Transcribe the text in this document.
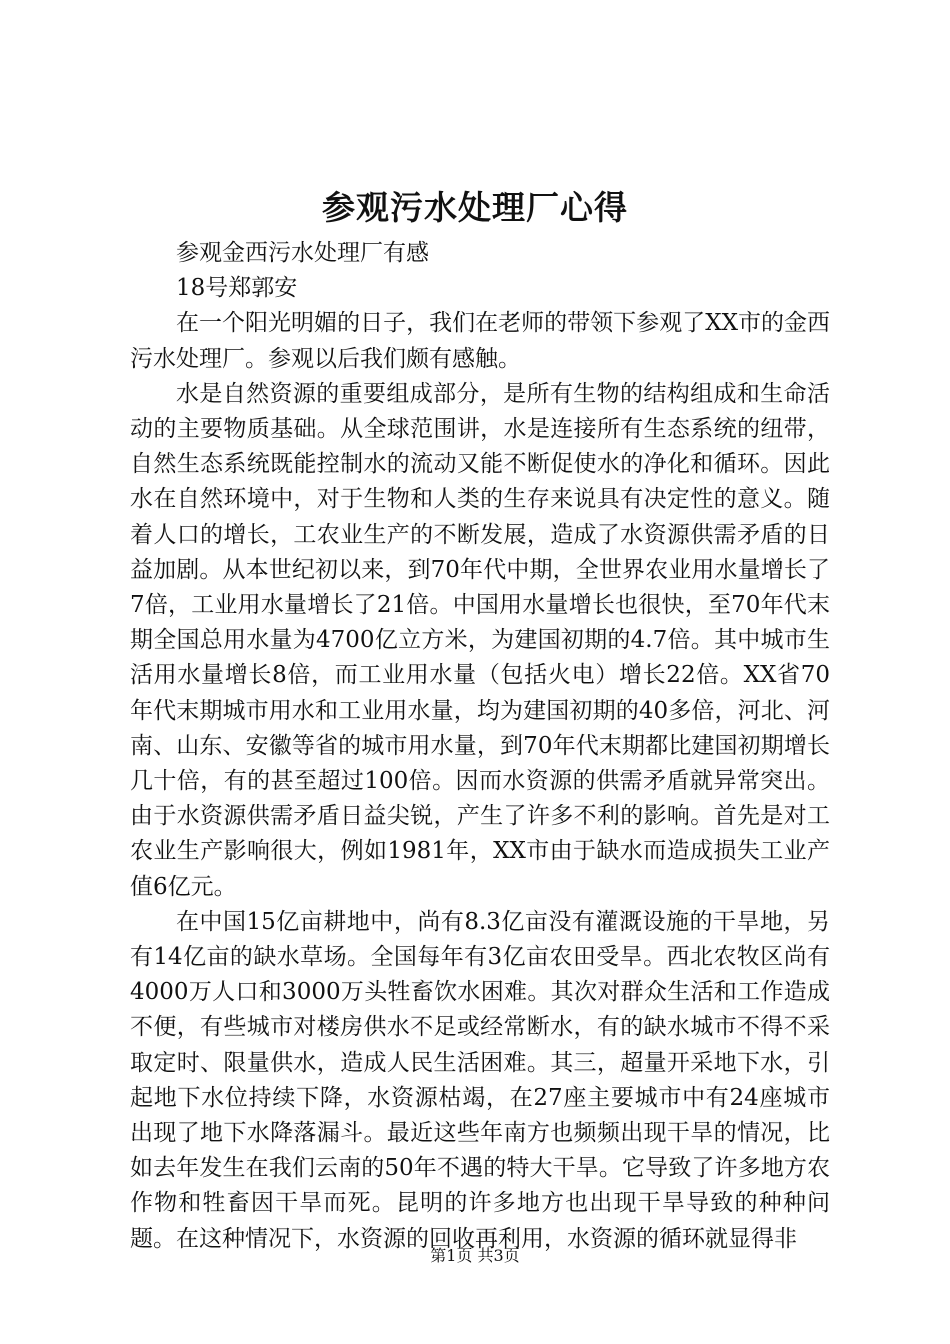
参观污水处理厂心得

参观金西污水处理厂有感

18号郑郭安

在一个阳光明媚的日子，我们在老师的带领下参观了XX市的金西污水处理厂。参观以后我们颇有感触。

水是自然资源的重要组成部分，是所有生物的结构组成和生命活动的主要物质基础。从全球范围讲，水是连接所有生态系统的纽带，自然生态系统既能控制水的流动又能不断促使水的净化和循环。因此水在自然环境中，对于生物和人类的生存来说具有决定性的意义。随着人口的增长，工农业生产的不断发展，造成了水资源供需矛盾的日益加剧。从本世纪初以来，到70年代中期，全世界农业用水量增长了7倍，工业用水量增长了21倍。中国用水量增长也很快，至70年代末期全国总用水量为4700亿立方米，为建国初期的4.7倍。其中城市生活用水量增长8倍，而工业用水量（包括火电）增长22倍。XX省70年代末期城市用水和工业用水量，均为建国初期的40多倍，河北、河南、山东、安徽等省的城市用水量，到70年代末期都比建国初期增长几十倍，有的甚至超过100倍。因而水资源的供需矛盾就异常突出。由于水资源供需矛盾日益尖锐，产生了许多不利的影响。首先是对工农业生产影响很大，例如1981年，XX市由于缺水而造成损失工业产值6亿元。

在中国15亿亩耕地中，尚有8.3亿亩没有灌溉设施的干旱地，另有14亿亩的缺水草场。全国每年有3亿亩农田受旱。西北农牧区尚有4000万人口和3000万头牲畜饮水困难。其次对群众生活和工作造成不便，有些城市对楼房供水不足或经常断水，有的缺水城市不得不采取定时、限量供水，造成人民生活困难。其三，超量开采地下水，引起地下水位持续下降，水资源枯竭，在27座主要城市中有24座城市出现了地下水降落漏斗。最近这些年南方也频频出现干旱的情况，比如去年发生在我们云南的50年不遇的特大干旱。它导致了许多地方农作物和牲畜因干旱而死。昆明的许多地方也出现干旱导致的种种问题。在这种情况下，水资源的回收再利用，水资源的循环就显得非

第1页 共3页
